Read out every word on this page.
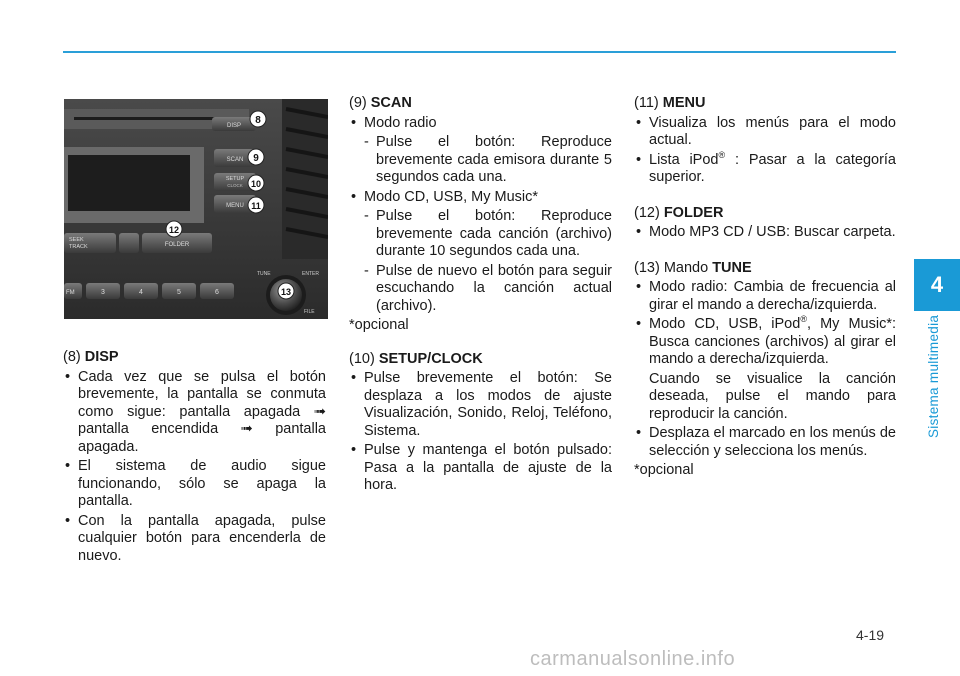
4
Sistema multimedia
DISP
SCAN
SETUP
CLOCK
MENU
SEEK
TRACK	FOLDER
FM	3	4	5	6
TUNE	ENTER
FILE
8
9
10
11
12
13
(8) DISP
• Cada vez que se pulsa el botón brevemente, la pantalla se conmuta como sigue: pantalla apagada ➟ pantalla encendida ➟ pantalla apagada.
• El sistema de audio sigue funcionando, sólo se apaga la pantalla.
• Con la pantalla apagada, pulse cualquier botón para encenderla de nuevo.
(9) SCAN
• Modo radio
- Pulse el botón: Reproduce brevemente cada emisora durante 5 segundos cada una.
• Modo CD, USB, My Music*
- Pulse el botón: Reproduce brevemente cada canción (archivo) durante 10 segundos cada una.
- Pulse de nuevo el botón para seguir escuchando la canción actual (archivo).
*opcional
(10) SETUP/CLOCK
• Pulse brevemente el botón: Se desplaza a los modos de ajuste Visualización, Sonido, Reloj, Teléfono, Sistema.
• Pulse y mantenga el botón pulsado: Pasa a la pantalla de ajuste de la hora.
(11) MENU
• Visualiza los menús para el modo actual.
• Lista iPod® : Pasar a la categoría superior.
(12) FOLDER
• Modo MP3 CD / USB: Buscar carpeta.
(13) Mando TUNE
• Modo radio: Cambia de frecuencia al girar el mando a derecha/izquierda.
• Modo CD, USB, iPod®, My Music*: Busca canciones (archivos) al girar el mando a derecha/izquierda.
Cuando se visualice la canción deseada, pulse el mando para reproducir la canción.
• Desplaza el marcado en los menús de selección y selecciona los menús.
*opcional
4-19
carmanualsonline.info
